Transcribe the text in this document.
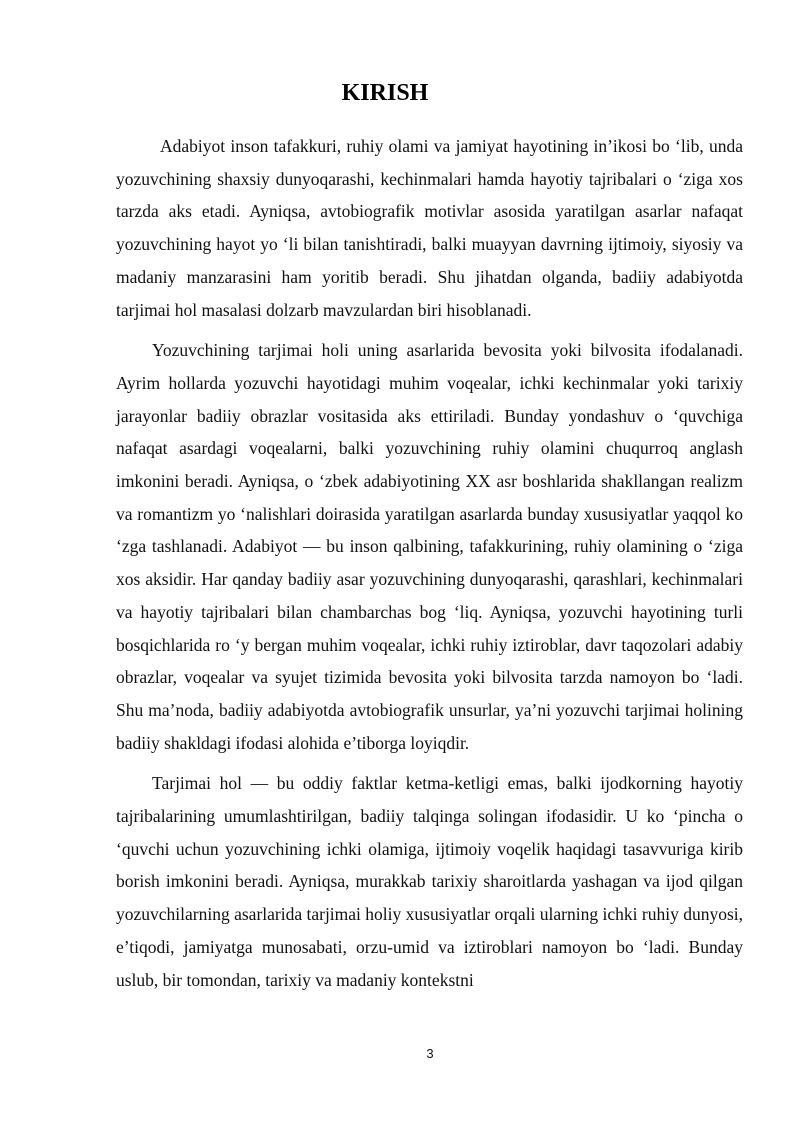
KIRISH

Adabiyot inson tafakkuri, ruhiy olami va jamiyat hayotining in’ikosi bo ‘lib, unda yozuvchining shaxsiy dunyoqarashi, kechinmalari hamda hayotiy tajribalari o ‘ziga xos tarzda aks etadi. Ayniqsa, avtobiografik motivlar asosida yaratilgan asarlar nafaqat yozuvchining hayot yo ‘li bilan tanishtiradi, balki muayyan davrning ijtimoiy, siyosiy va madaniy manzarasini ham yoritib beradi. Shu jihatdan olganda, badiiy adabiyotda tarjimai hol masalasi dolzarb mavzulardan biri hisoblanadi.

Yozuvchining tarjimai holi uning asarlarida bevosita yoki bilvosita ifodalanadi. Ayrim hollarda yozuvchi hayotidagi muhim voqealar, ichki kechinmalar yoki tarixiy jarayonlar badiiy obrazlar vositasida aks ettiriladi. Bunday yondashuv o ‘quvchiga nafaqat asardagi voqealarni, balki yozuvchining ruhiy olamini chuqurroq anglash imkonini beradi. Ayniqsa, o ‘zbek adabiyotining XX asr boshlarida shakllangan realizm va romantizm yo ‘nalishlari doirasida yaratilgan asarlarda bunday xususiyatlar yaqqol ko ‘zga tashlanadi. Adabiyot — bu inson qalbining, tafakkurining, ruhiy olamining o ‘ziga xos aksidir. Har qanday badiiy asar yozuvchining dunyoqarashi, qarashlari, kechinmalari va hayotiy tajribalari bilan chambarchas bog ‘liq. Ayniqsa, yozuvchi hayotining turli bosqichlarida ro ‘y bergan muhim voqealar, ichki ruhiy iztiroblar, davr taqozolari adabiy obrazlar, voqealar va syujet tizimida bevosita yoki bilvosita tarzda namoyon bo ‘ladi. Shu ma’noda, badiiy adabiyotda avtobiografik unsurlar, ya’ni yozuvchi tarjimai holining badiiy shakldagi ifodasi alohida e’tiborga loyiqdir.

Tarjimai hol — bu oddiy faktlar ketma-ketligi emas, balki ijodkorning hayotiy tajribalarining umumlashtirilgan, badiiy talqinga solingan ifodasidir. U ko ‘pincha o ‘quvchi uchun yozuvchining ichki olamiga, ijtimoiy voqelik haqidagi tasavvuriga kirib borish imkonini beradi. Ayniqsa, murakkab tarixiy sharoitlarda yashagan va ijod qilgan yozuvchilarning asarlarida tarjimai holiy xususiyatlar orqali ularning ichki ruhiy dunyosi, e’tiqodi, jamiyatga munosabati, orzu-umid va iztiroblari namoyon bo ‘ladi. Bunday uslub, bir tomondan, tarixiy va madaniy kontekstni

3
